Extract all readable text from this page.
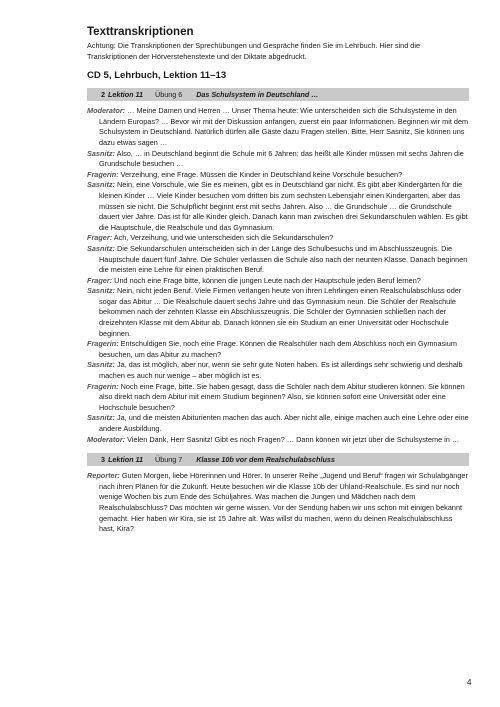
Texttranskriptionen
Achtung: Die Transkriptionen der Sprechübungen und Gespräche finden Sie im Lehrbuch. Hier sind die Transkriptionen der Hörverstehenstexte und der Diktate abgedruckt.
CD 5, Lehrbuch, Lektion 11–13
2 Lektion 11 Übung 6 Das Schulsystem in Deutschland …

Moderator: … Meine Damen und Herren … Unser Thema heute: Wie unterscheiden sich die Schulsysteme in den Ländern Europas? … Bevor wir mit der Diskussion anfangen, zuerst ein paar Informationen. Beginnen wir mit dem Schulsystem in Deutschland. Natürlich dürfen alle Gäste dazu Fragen stellen. Bitte, Herr Sasnitz, Sie können uns dazu etwas sagen …

Sasnitz: Also, … in Deutschland beginnt die Schule mit 6 Jahren; das heißt alle Kinder müssen mit sechs Jahren die Grundschule besuchen …

Fragerin: Verzeihung, eine Frage. Müssen die Kinder in Deutschland keine Vorschule besuchen?

Sasnitz: Nein, eine Vorschule, wie Sie es meinen, gibt es in Deutschland gar nicht. Es gibt aber Kindergärten für die kleinen Kinder … Viele Kinder besuchen vom dritten bis zum sechsten Lebensjahr einen Kindergarten, aber das müssen sie nicht. Die Schulpflicht beginnt erst mit sechs Jahren. Also … die Grundschule … die Grundschule dauert vier Jahre. Das ist für alle Kinder gleich. Danach kann man zwischen drei Sekundarschulen wählen. Es gibt die Hauptschule, die Realschule und das Gymnasium.

Frager: Ach, Verzeihung, und wie unterscheiden sich die Sekundarschulen?

Sasnitz: Die Sekundarschulen unterscheiden sich in der Länge des Schulbesuchs und im Abschlusszeugnis. Die Hauptschule dauert fünf Jahre. Die Schüler verlassen die Schule also nach der neunten Klasse. Danach beginnen die meisten eine Lehre für einen praktischen Beruf.

Frager: Und noch eine Frage bitte, können die jungen Leute nach der Hauptschule jeden Beruf lernen?

Sasnitz: Nein, nicht jeden Beruf. Viele Firmen verlangen heute von ihren Lehrlingen einen Realschulabschluss oder sogar das Abitur … Die Realschule dauert sechs Jahre und das Gymnasium neun. Die Schüler der Realschule bekommen nach der zehnten Klasse ein Abschlusszeugnis. Die Schüler der Gymnasien schließen nach der dreizehnten Klasse mit dem Abitur ab. Danach können sie ein Studium an einer Universität oder Hochschule beginnen.

Fragerin: Entschuldigen Sie, noch eine Frage. Können die Realschüler nach dem Abschluss noch ein Gymnasium besuchen, um das Abitur zu machen?

Sasnitz: Ja, das ist möglich, aber nur, wenn sie sehr gute Noten haben. Es ist allerdings sehr schwierig und deshalb machen es auch nur wenige – aber möglich ist es.

Fragerin: Noch eine Frage, bitte. Sie haben gesagt, dass die Schüler nach dem Abitur studieren können. Sie können also direkt nach dem Abitur mit einem Studium beginnen? Also, sie können sofort eine Universität oder eine Hochschule besuchen?

Sasnitz: Ja, und die meisten Abiturienten machen das auch. Aber nicht alle, einige machen auch eine Lehre oder eine andere Ausbildung.

Moderator: Vielen Dank, Herr Sasnitz! Gibt es noch Fragen? … Dann können wir jetzt über die Schulsysteme in …

3 Lektion 11 Übung 7 Klasse 10b vor dem Realschulabschluss

Reporter: Guten Morgen, liebe Hörerinnen und Hörer. In unserer Reihe „Jugend und Beruf“ fragen wir Schulabgänger nach ihren Plänen für die Zukunft. Heute besuchen wir die Klasse 10b der Uhland-Realschule. Es sind nur noch wenige Wochen bis zum Ende des Schuljahres. Was machen die Jungen und Mädchen nach dem Realschulabschluss? Das möchten wir gerne wissen. Vor der Sendung haben wir uns schon mit einigen bekannt gemacht. Hier haben wir Kira, sie ist 15 Jahre alt. Was willst du machen, wenn du deinen Realschulabschluss hast, Kira?

4
